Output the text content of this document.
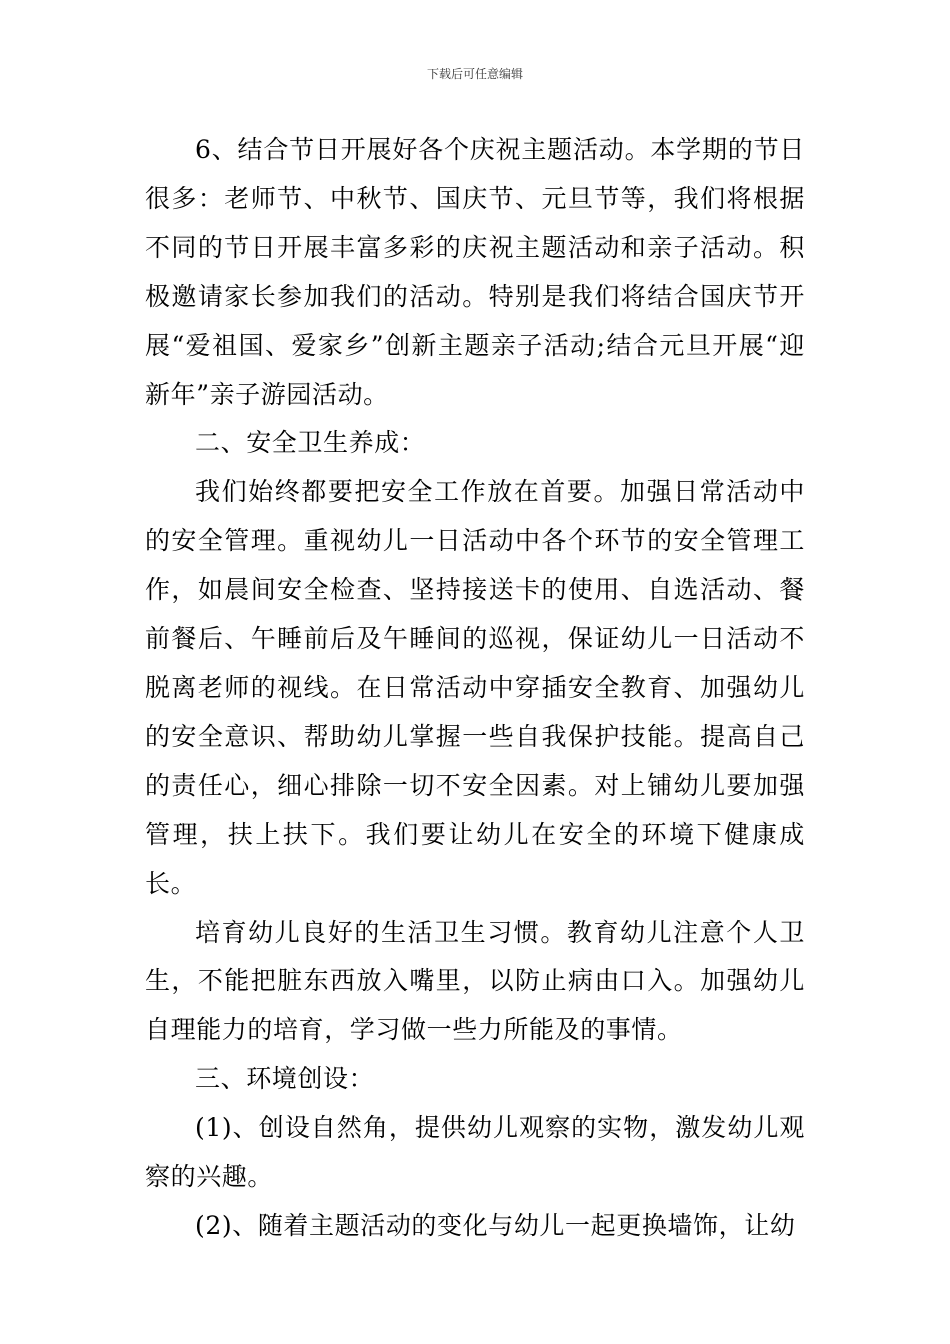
下载后可任意编辑

6、结合节日开展好各个庆祝主题活动。本学期的节日很多：老师节、中秋节、国庆节、元旦节等，我们将根据不同的节日开展丰富多彩的庆祝主题活动和亲子活动。积极邀请家长参加我们的活动。特别是我们将结合国庆节开展“爱祖国、爱家乡”创新主题亲子活动;结合元旦开展“迎新年”亲子游园活动。

二、安全卫生养成：

我们始终都要把安全工作放在首要。加强日常活动中的安全管理。重视幼儿一日活动中各个环节的安全管理工作，如晨间安全检查、坚持接送卡的使用、自选活动、餐前餐后、午睡前后及午睡间的巡视，保证幼儿一日活动不脱离老师的视线。在日常活动中穿插安全教育、加强幼儿的安全意识、帮助幼儿掌握一些自我保护技能。提高自己的责任心，细心排除一切不安全因素。对上铺幼儿要加强管理，扶上扶下。我们要让幼儿在安全的环境下健康成长。

培育幼儿良好的生活卫生习惯。教育幼儿注意个人卫生，不能把脏东西放入嘴里，以防止病由口入。加强幼儿自理能力的培育，学习做一些力所能及的事情。

三、环境创设：

(1)、创设自然角，提供幼儿观察的实物，激发幼儿观察的兴趣。

(2)、随着主题活动的变化与幼儿一起更换墙饰，让幼
